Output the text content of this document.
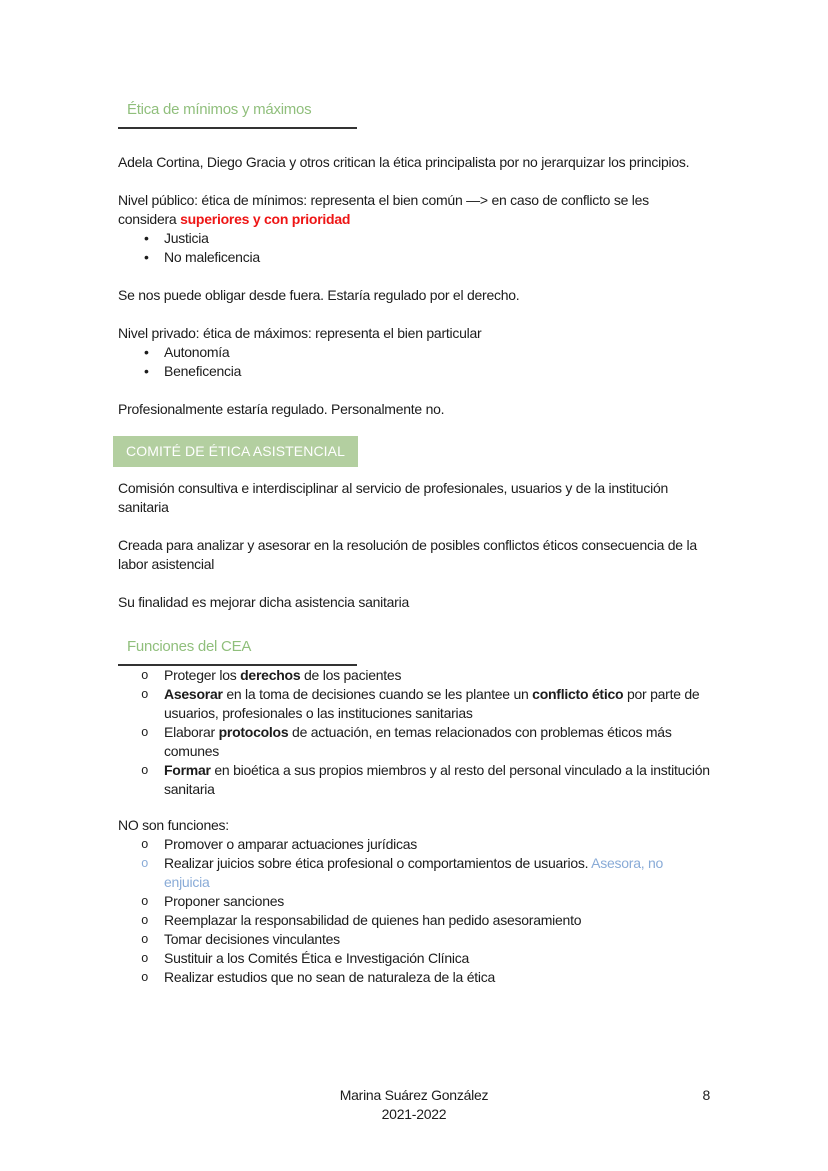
Ética de mínimos y máximos

Adela Cortina, Diego Gracia y otros critican la ética principalista por no jerarquizar los principios.

Nivel público: ética de mínimos: representa el bien común —> en caso de conflicto se les considera superiores y con prioridad

• Justicia
• No maleficencia

Se nos puede obligar desde fuera. Estaría regulado por el derecho.

Nivel privado: ética de máximos: representa el bien particular

• Autonomía
• Beneficencia

Profesionalmente estaría regulado. Personalmente no.

COMITÉ DE ÉTICA ASISTENCIAL

Comisión consultiva e interdisciplinar al servicio de profesionales, usuarios y de la institución sanitaria

Creada para analizar y asesorar en la resolución de posibles conflictos éticos consecuencia de la labor asistencial

Su finalidad es mejorar dicha asistencia sanitaria

Funciones del CEA
o Proteger los derechos de los pacientes
o Asesorar en la toma de decisiones cuando se les plantee un conflicto ético por parte de usuarios, profesionales o las instituciones sanitarias
o Elaborar protocolos de actuación, en temas relacionados con problemas éticos más comunes
o Formar en bioética a sus propios miembros y al resto del personal vinculado a la institución sanitaria

NO son funciones:

o Promover o amparar actuaciones jurídicas
o Realizar juicios sobre ética profesional o comportamientos de usuarios. Asesora, no enjuicia
o Proponer sanciones
o Reemplazar la responsabilidad de quienes han pedido asesoramiento
o Tomar decisiones vinculantes
o Sustituir a los Comités Ética e Investigación Clínica
o Realizar estudios que no sean de naturaleza de la ética
Marina Suárez González
2021-2022
8
